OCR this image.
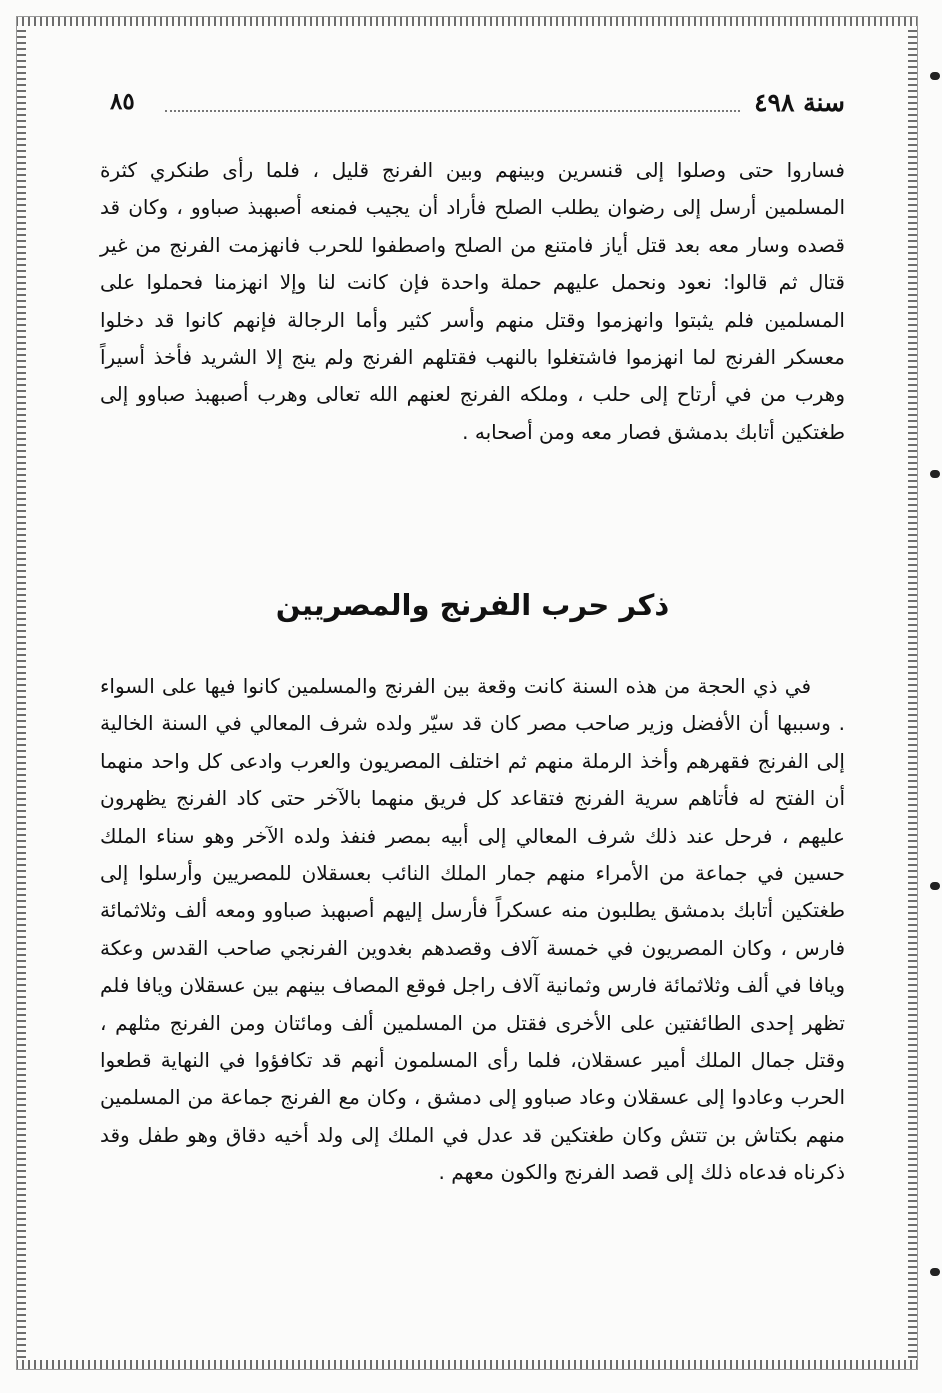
سنة ٤٩٨
٨٥

فساروا حتى وصلوا إلى قنسرين وبينهم وبين الفرنج قليل ، فلما رأى طنكري كثرة المسلمين أرسل إلى رضوان يطلب الصلح فأراد أن يجيب فمنعه أصبهبذ صباوو ، وكان قد قصده وسار معه بعد قتل أياز فامتنع من الصلح واصطفوا للحرب فانهزمت الفرنج من غير قتال ثم قالوا: نعود ونحمل عليهم حملة واحدة فإن كانت لنا وإلا انهزمنا فحملوا على المسلمين فلم يثبتوا وانهزموا وقتل منهم وأسر كثير وأما الرجالة فإنهم كانوا قد دخلوا معسكر الفرنج لما انهزموا فاشتغلوا بالنهب فقتلهم الفرنج ولم ينج إلا الشريد فأخذ أسيراً وهرب من في أرتاح إلى حلب ، وملكه الفرنج لعنهم الله تعالى وهرب أصبهبذ صباوو إلى طغتكين أتابك بدمشق فصار معه ومن أصحابه .

ذكر حرب الفرنج والمصريين

في ذي الحجة من هذه السنة كانت وقعة بين الفرنج والمسلمين كانوا فيها على السواء . وسببها أن الأفضل وزير صاحب مصر كان قد سيّر ولده شرف المعالي في السنة الخالية إلى الفرنج فقهرهم وأخذ الرملة منهم ثم اختلف المصريون والعرب وادعى كل واحد منهما أن الفتح له فأتاهم سرية الفرنج فتقاعد كل فريق منهما بالآخر حتى كاد الفرنج يظهرون عليهم ، فرحل عند ذلك شرف المعالي إلى أبيه بمصر فنفذ ولده الآخر وهو سناء الملك حسين في جماعة من الأمراء منهم جمار الملك النائب بعسقلان للمصريين وأرسلوا إلى طغتكين أتابك بدمشق يطلبون منه عسكراً فأرسل إليهم أصبهبذ صباوو ومعه ألف وثلاثمائة فارس ، وكان المصريون في خمسة آلاف وقصدهم بغدوين الفرنجي صاحب القدس وعكة ويافا في ألف وثلاثمائة فارس وثمانية آلاف راجل فوقع المصاف بينهم بين عسقلان ويافا فلم تظهر إحدى الطائفتين على الأخرى فقتل من المسلمين ألف ومائتان ومن الفرنج مثلهم ، وقتل جمال الملك أمير عسقلان، فلما رأى المسلمون أنهم قد تكافؤوا في النهاية قطعوا الحرب وعادوا إلى عسقلان وعاد صباوو إلى دمشق ، وكان مع الفرنج جماعة من المسلمين منهم بكتاش بن تتش وكان طغتكين قد عدل في الملك إلى ولد أخيه دقاق وهو طفل وقد ذكرناه فدعاه ذلك إلى قصد الفرنج والكون معهم .
